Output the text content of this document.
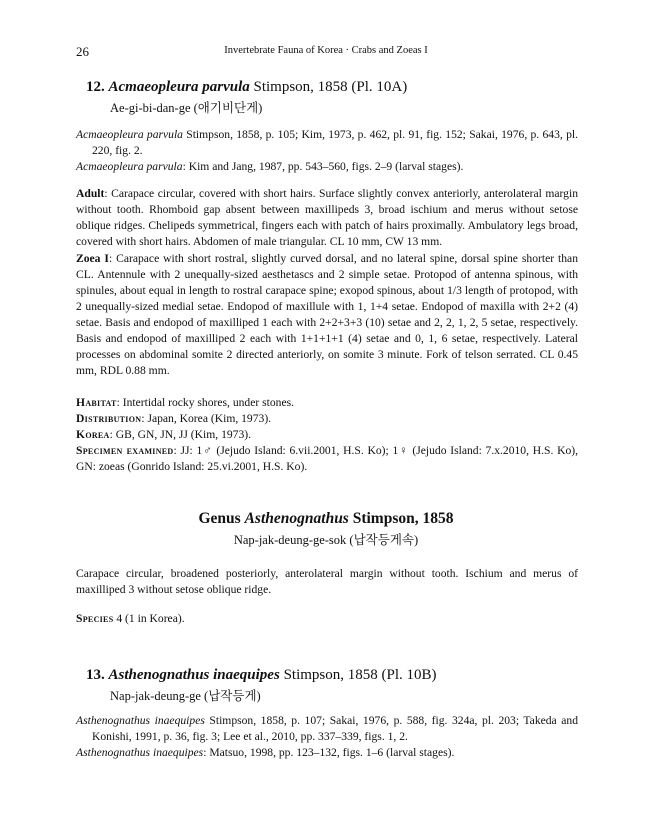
26	Invertebrate Fauna of Korea · Crabs and Zoeas I
12. Acmaeopleura parvula Stimpson, 1858 (Pl. 10A)
Ae-gi-bi-dan-ge (애기비단게)
Acmaeopleura parvula Stimpson, 1858, p. 105; Kim, 1973, p. 462, pl. 91, fig. 152; Sakai, 1976, p. 643, pl. 220, fig. 2.
Acmaeopleura parvula: Kim and Jang, 1987, pp. 543–560, figs. 2–9 (larval stages).
Adult: Carapace circular, covered with short hairs. Surface slightly convex anteriorly, anterolateral margin without tooth. Rhomboid gap absent between maxillipeds 3, broad ischium and merus without setose oblique ridges. Chelipeds symmetrical, fingers each with patch of hairs proximally. Ambulatory legs broad, covered with short hairs. Abdomen of male triangular. CL 10 mm, CW 13 mm.
Zoea I: Carapace with short rostral, slightly curved dorsal, and no lateral spine, dorsal spine shorter than CL. Antennule with 2 unequally-sized aesthetascs and 2 simple setae. Protopod of antenna spinous, with spinules, about equal in length to rostral carapace spine; exopod spinous, about 1/3 length of protopod, with 2 unequally-sized medial setae. Endopod of maxillule with 1, 1+4 setae. Endopod of maxilla with 2+2 (4) setae. Basis and endopod of maxilliped 1 each with 2+2+3+3 (10) setae and 2, 2, 1, 2, 5 setae, respectively. Basis and endopod of maxilliped 2 each with 1+1+1+1 (4) setae and 0, 1, 6 setae, respectively. Lateral processes on abdominal somite 2 directed anteriorly, on somite 3 minute. Fork of telson serrated. CL 0.45 mm, RDL 0.88 mm.
Habitat: Intertidal rocky shores, under stones.
Distribution: Japan, Korea (Kim, 1973).
Korea: GB, GN, JN, JJ (Kim, 1973).
Specimen examined: JJ: 1♂ (Jejudo Island: 6.vii.2001, H.S. Ko); 1♀ (Jejudo Island: 7.x.2010, H.S. Ko), GN: zoeas (Gonrido Island: 25.vi.2001, H.S. Ko).
Genus Asthenognathus Stimpson, 1858
Nap-jak-deung-ge-sok (납작등게속)
Carapace circular, broadened posteriorly, anterolateral margin without tooth. Ischium and merus of maxilliped 3 without setose oblique ridge.
Species 4 (1 in Korea).
13. Asthenognathus inaequipes Stimpson, 1858 (Pl. 10B)
Nap-jak-deung-ge (납작등게)
Asthenognathus inaequipes Stimpson, 1858, p. 107; Sakai, 1976, p. 588, fig. 324a, pl. 203; Takeda and Konishi, 1991, p. 36, fig. 3; Lee et al., 2010, pp. 337–339, figs. 1, 2.
Asthenognathus inaequipes: Matsuo, 1998, pp. 123–132, figs. 1–6 (larval stages).
